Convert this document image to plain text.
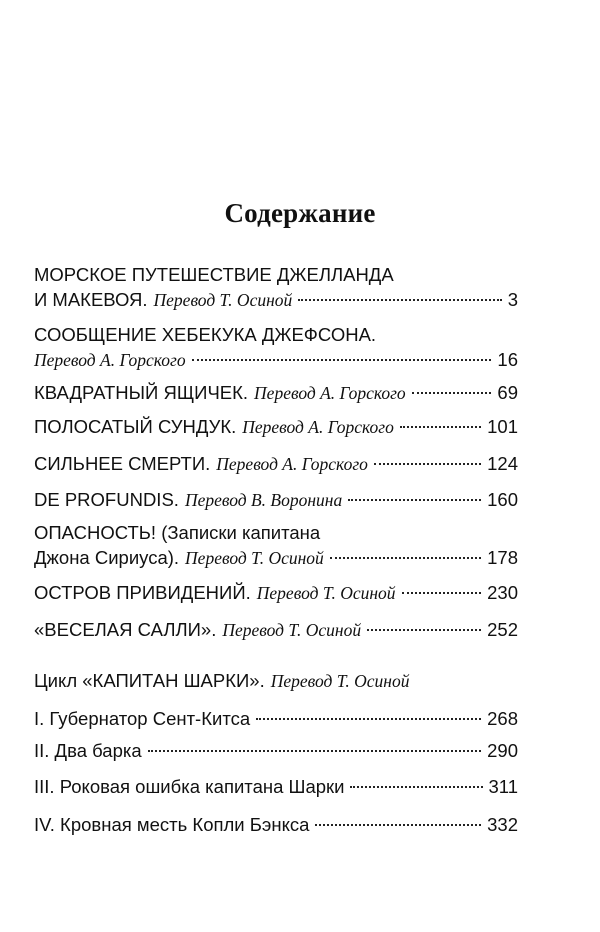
Содержание
МОРСКОЕ ПУТЕШЕСТВИЕ ДЖЕЛЛАНДА
И МАКЕВОЯ. Перевод Т. Осиной	3
СООБЩЕНИЕ ХЕБЕКУКА ДЖЕФСОНА.
Перевод А. Горского	16
КВАДРАТНЫЙ ЯЩИЧЕК. Перевод А. Горского	69
ПОЛОСАТЫЙ СУНДУК. Перевод А. Горского	101
СИЛЬНЕЕ СМЕРТИ. Перевод А. Горского	124
DE PROFUNDIS. Перевод В. Воронина	160
ОПАСНОСТЬ! (Записки капитана
Джона Сириуса). Перевод Т. Осиной	178
ОСТРОВ ПРИВИДЕНИЙ. Перевод Т. Осиной	230
«ВЕСЕЛАЯ САЛЛИ». Перевод Т. Осиной	252
Цикл «КАПИТАН ШАРКИ». Перевод Т. Осиной
I. Губернатор Сент-Китса	268
II. Два барка	290
III. Роковая ошибка капитана Шарки	311
IV. Кровная месть Копли Бэнкса	332
